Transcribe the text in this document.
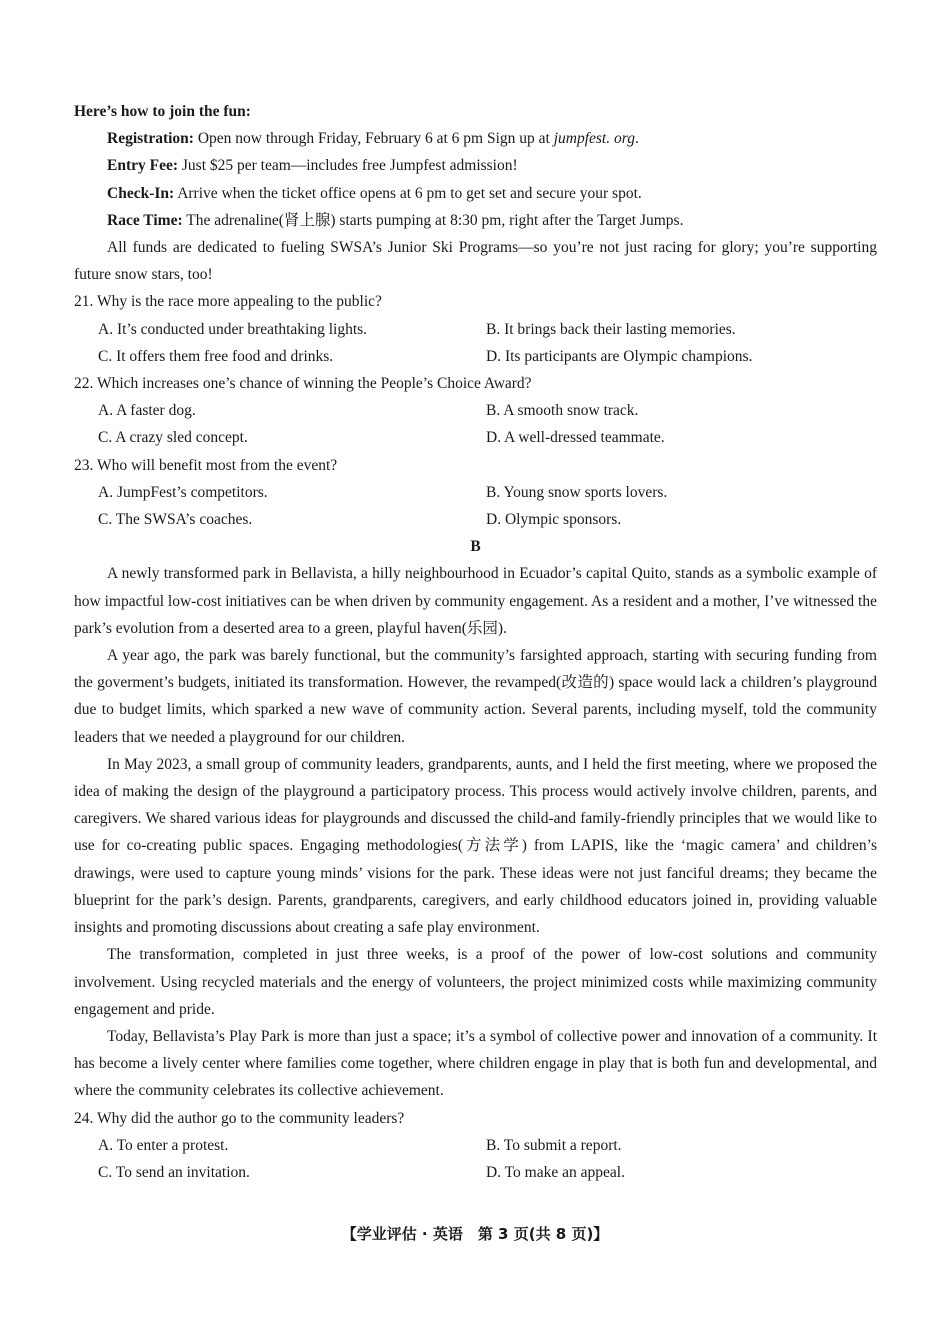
Here’s how to join the fun:
Registration: Open now through Friday, February 6 at 6 pm Sign up at jumpfest. org.
Entry Fee: Just $25 per team—includes free Jumpfest admission!
Check-In: Arrive when the ticket office opens at 6 pm to get set and secure your spot.
Race Time: The adrenaline(肾上腺) starts pumping at 8:30 pm, right after the Target Jumps.

All funds are dedicated to fueling SWSA’s Junior Ski Programs—so you’re not just racing for glory; you’re supporting future snow stars, too!

21. Why is the race more appealing to the public?
A. It’s conducted under breathtaking lights.	B. It brings back their lasting memories.
C. It offers them free food and drinks.	D. Its participants are Olympic champions.
22. Which increases one’s chance of winning the People’s Choice Award?
A. A faster dog.	B. A smooth snow track.
C. A crazy sled concept.	D. A well-dressed teammate.
23. Who will benefit most from the event?
A. JumpFest’s competitors.	B. Young snow sports lovers.
C. The SWSA’s coaches.	D. Olympic sponsors.
B

A newly transformed park in Bellavista, a hilly neighbourhood in Ecuador’s capital Quito, stands as a symbolic example of how impactful low-cost initiatives can be when driven by community engagement. As a resident and a mother, I’ve witnessed the park’s evolution from a deserted area to a green, playful haven(乐园).

A year ago, the park was barely functional, but the community’s farsighted approach, starting with securing funding from the goverment’s budgets, initiated its transformation. However, the revamped(改造的) space would lack a children’s playground due to budget limits, which sparked a new wave of community action. Several parents, including myself, told the community leaders that we needed a playground for our children.

In May 2023, a small group of community leaders, grandparents, aunts, and I held the first meeting, where we proposed the idea of making the design of the playground a participatory process. This process would actively involve children, parents, and caregivers. We shared various ideas for playgrounds and discussed the child-and family-friendly principles that we would like to use for co-creating public spaces. Engaging methodologies(方法学) from LAPIS, like the ‘magic camera’ and children’s drawings, were used to capture young minds’ visions for the park. These ideas were not just fanciful dreams; they became the blueprint for the park’s design. Parents, grandparents, caregivers, and early childhood educators joined in, providing valuable insights and promoting discussions about creating a safe play environment.

The transformation, completed in just three weeks, is a proof of the power of low-cost solutions and community involvement. Using recycled materials and the energy of volunteers, the project minimized costs while maximizing community engagement and pride.

Today, Bellavista’s Play Park is more than just a space; it’s a symbol of collective power and innovation of a community. It has become a lively center where families come together, where children engage in play that is both fun and developmental, and where the community celebrates its collective achievement.

24. Why did the author go to the community leaders?
A. To enter a protest.	B. To submit a report.
C. To send an invitation.	D. To make an appeal.
【学业评估 · 英语　第 3 页(共 8 页)】
